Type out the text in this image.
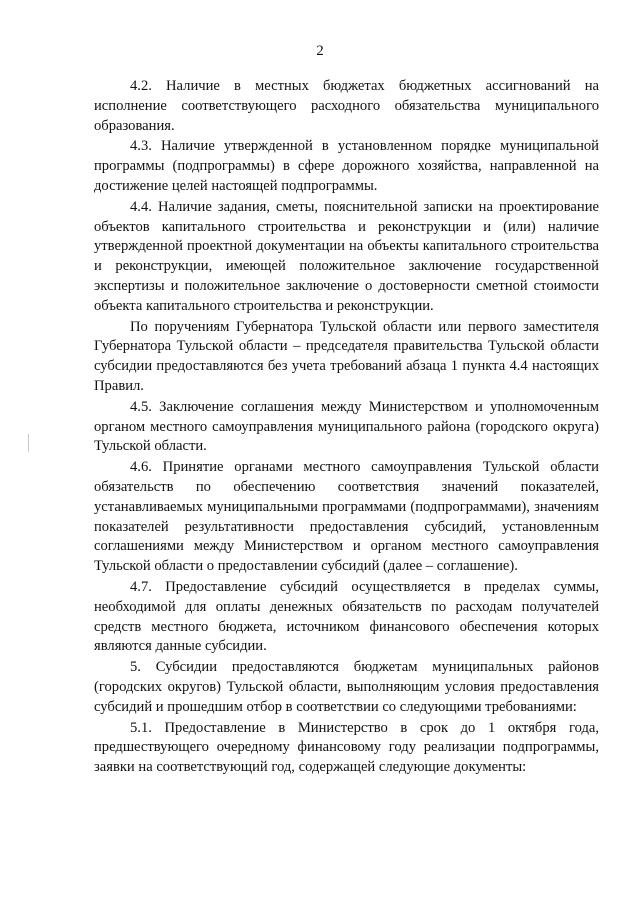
2

4.2. Наличие в местных бюджетах бюджетных ассигнований на исполнение соответствующего расходного обязательства муниципального образования.

4.3. Наличие утвержденной в установленном порядке муниципальной программы (подпрограммы) в сфере дорожного хозяйства, направленной на достижение целей настоящей подпрограммы.

4.4. Наличие задания, сметы, пояснительной записки на проектирование объектов капитального строительства и реконструкции и (или) наличие утвержденной проектной документации на объекты капитального строительства и реконструкции, имеющей положительное заключение государственной экспертизы и положительное заключение о достоверности сметной стоимости объекта капитального строительства и реконструкции.

По поручениям Губернатора Тульской области или первого заместителя Губернатора Тульской области – председателя правительства Тульской области субсидии предоставляются без учета требований абзаца 1 пункта 4.4 настоящих Правил.

4.5. Заключение соглашения между Министерством и уполномоченным органом местного самоуправления муниципального района (городского округа) Тульской области.

4.6. Принятие органами местного самоуправления Тульской области обязательств по обеспечению соответствия значений показателей, устанавливаемых муниципальными программами (подпрограммами), значениям показателей результативности предоставления субсидий, установленным соглашениями между Министерством и органом местного самоуправления Тульской области о предоставлении субсидий (далее – соглашение).

4.7. Предоставление субсидий осуществляется в пределах суммы, необходимой для оплаты денежных обязательств по расходам получателей средств местного бюджета, источником финансового обеспечения которых являются данные субсидии.

5. Субсидии предоставляются бюджетам муниципальных районов (городских округов) Тульской области, выполняющим условия предоставления субсидий и прошедшим отбор в соответствии со следующими требованиями:

5.1. Предоставление в Министерство в срок до 1 октября года, предшествующего очередному финансовому году реализации подпрограммы, заявки на соответствующий год, содержащей следующие документы:
